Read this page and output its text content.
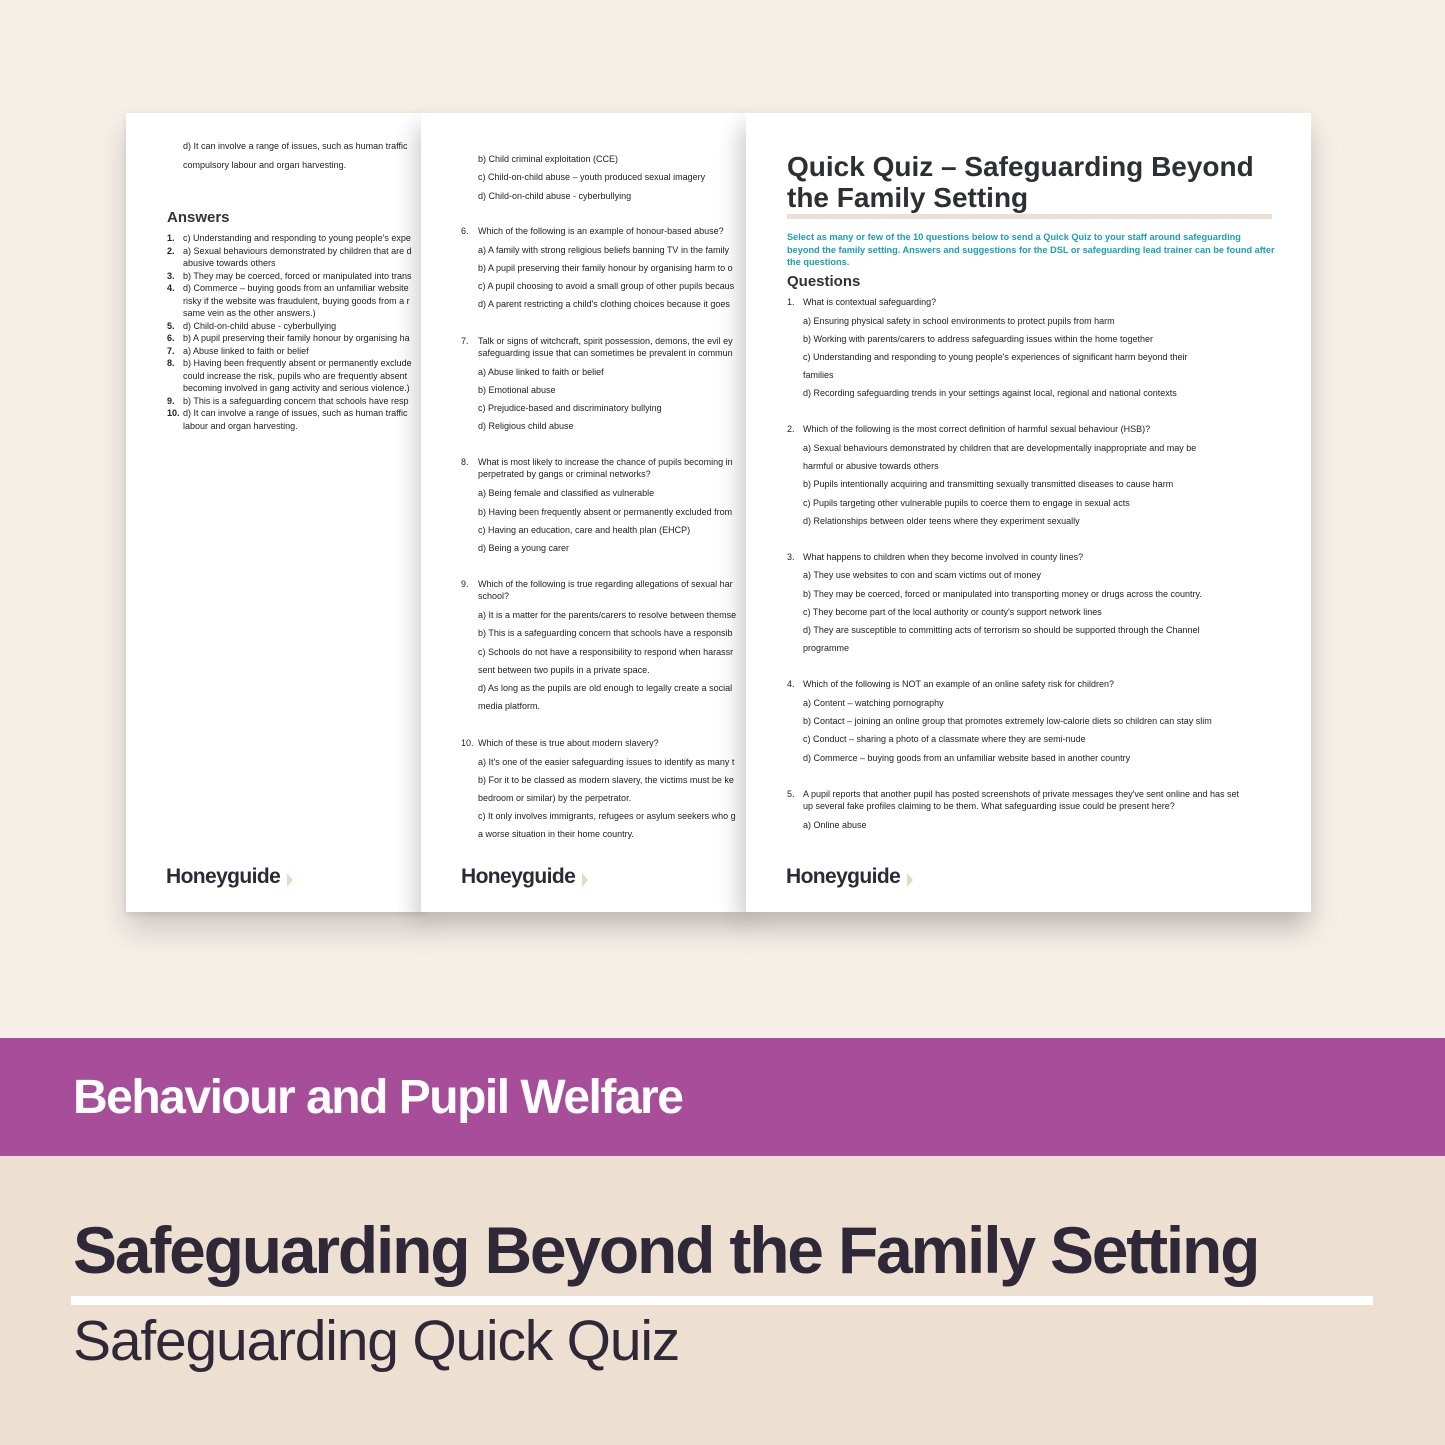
d) It can involve a range of issues, such as human traffic
compulsory labour and organ harvesting.
Answers
Honeyguide
1. c) Understanding and responding to young people's expe
2. a) Sexual behaviours demonstrated by children that are d
abusive towards others
3. b) They may be coerced, forced or manipulated into trans
4. d) Commerce – buying goods from an unfamiliar website
risky if the website was fraudulent, buying goods from a r
same vein as the other answers.)
5. d) Child-on-child abuse - cyberbullying
6. b) A pupil preserving their family honour by organising ha
7. a) Abuse linked to faith or belief
8. b) Having been frequently absent or permanently exclude
could increase the risk, pupils who are frequently absent
becoming involved in gang activity and serious violence.)
9. b) This is a safeguarding concern that schools have resp
10. d) It can involve a range of issues, such as human traffic
labour and organ harvesting.
Honeyguide
b) Child criminal exploitation (CCE)
c) Child-on-child abuse – youth produced sexual imagery
d) Child-on-child abuse - cyberbullying
6. Which of the following is an example of honour-based abuse?
a) A family with strong religious beliefs banning TV in the family
b) A pupil preserving their family honour by organising harm to o
c) A pupil choosing to avoid a small group of other pupils becaus
d) A parent restricting a child's clothing choices because it goes
7. Talk or signs of witchcraft, spirit possession, demons, the evil ey
safeguarding issue that can sometimes be prevalent in commun
a) Abuse linked to faith or belief
b) Emotional abuse
c) Prejudice-based and discriminatory bullying
d) Religious child abuse
8. What is most likely to increase the chance of pupils becoming in
perpetrated by gangs or criminal networks?
a) Being female and classified as vulnerable
b) Having been frequently absent or permanently excluded from
c) Having an education, care and health plan (EHCP)
d) Being a young carer
9. Which of the following is true regarding allegations of sexual har
school?
a) It is a matter for the parents/carers to resolve between themse
b) This is a safeguarding concern that schools have a responsib
c) Schools do not have a responsibility to respond when harassr
sent between two pupils in a private space.
d) As long as the pupils are old enough to legally create a social
media platform.
10. Which of these is true about modern slavery?
a) It's one of the easier safeguarding issues to identify as many t
b) For it to be classed as modern slavery, the victims must be ke
bedroom or similar) by the perpetrator.
c) It only involves immigrants, refugees or asylum seekers who g
a worse situation in their home country.
Quick Quiz – Safeguarding Beyond the Family Setting
Select as many or few of the 10 questions below to send a Quick Quiz to your staff around safeguarding beyond the family setting. Answers and suggestions for the DSL or safeguarding lead trainer can be found after the questions.
Questions
Honeyguide
1. What is contextual safeguarding?
a) Ensuring physical safety in school environments to protect pupils from harm
b) Working with parents/carers to address safeguarding issues within the home together
c) Understanding and responding to young people's experiences of significant harm beyond their
families
d) Recording safeguarding trends in your settings against local, regional and national contexts
2. Which of the following is the most correct definition of harmful sexual behaviour (HSB)?
a) Sexual behaviours demonstrated by children that are developmentally inappropriate and may be
harmful or abusive towards others
b) Pupils intentionally acquiring and transmitting sexually transmitted diseases to cause harm
c) Pupils targeting other vulnerable pupils to coerce them to engage in sexual acts
d) Relationships between older teens where they experiment sexually
3. What happens to children when they become involved in county lines?
a) They use websites to con and scam victims out of money
b) They may be coerced, forced or manipulated into transporting money or drugs across the country.
c) They become part of the local authority or county's support network lines
d) They are susceptible to committing acts of terrorism so should be supported through the Channel
programme
4. Which of the following is NOT an example of an online safety risk for children?
a) Content – watching pornography
b) Contact – joining an online group that promotes extremely low-calorie diets so children can stay slim
c) Conduct – sharing a photo of a classmate where they are semi-nude
d) Commerce – buying goods from an unfamiliar website based in another country
5. A pupil reports that another pupil has posted screenshots of private messages they've sent online and has set
up several fake profiles claiming to be them. What safeguarding issue could be present here?
a) Online abuse
Behaviour and Pupil Welfare
Safeguarding Beyond the Family Setting
Safeguarding Quick Quiz
